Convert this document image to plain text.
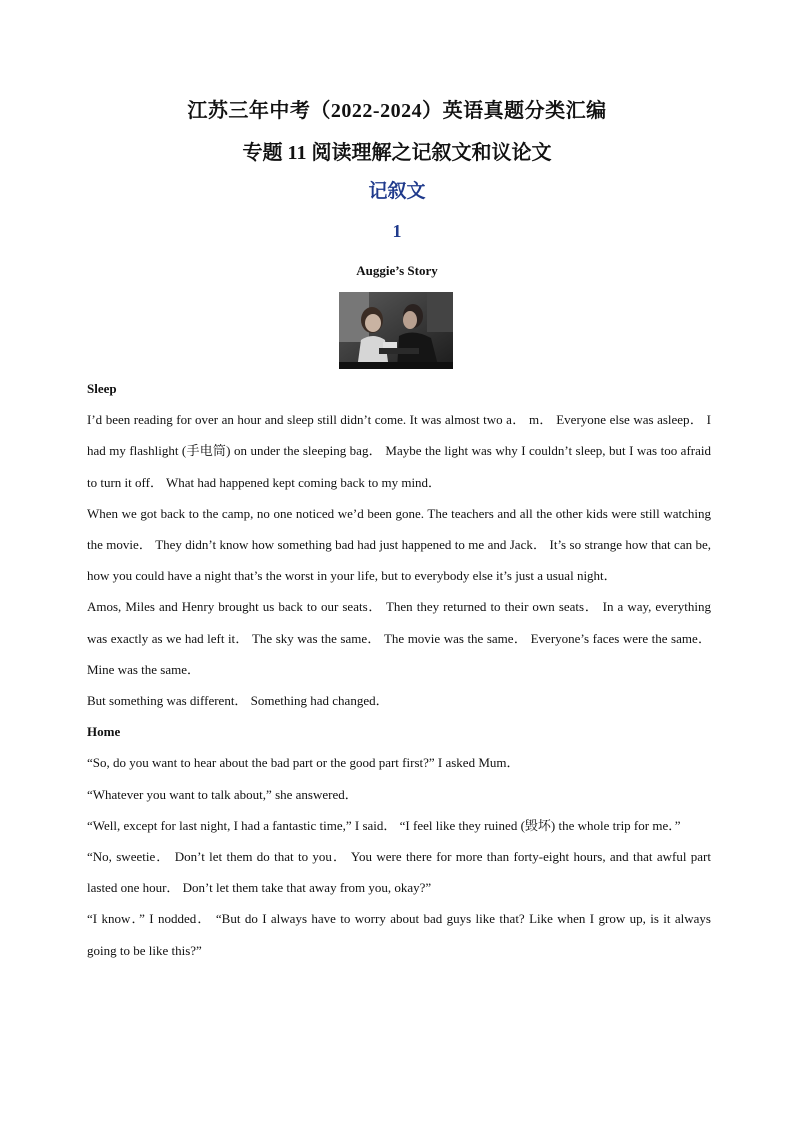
江苏三年中考（2022-2024）英语真题分类汇编
专题 11 阅读理解之记叙文和议论文
记叙文
1
Auggie’s Story

Sleep

I’d been reading for over an hour and sleep still didn’t come. It was almost two a． m． Everyone else was asleep． I had my flashlight (手电筒) on under the sleeping bag． Maybe the light was why I couldn’t sleep, but I was too afraid to turn it off． What had happened kept coming back to my mind．

When we got back to the camp, no one noticed we’d been gone. The teachers and all the other kids were still watching the movie． They didn’t know how something bad had just happened to me and Jack． It’s so strange how that can be, how you could have a night that’s the worst in your life, but to everybody else it’s just a usual night．

Amos, Miles and Henry brought us back to our seats． Then they returned to their own seats． In a way, everything was exactly as we had left it． The sky was the same． The movie was the same． Everyone’s faces were the same． Mine was the same．

But something was different． Something had changed．

Home

“So, do you want to hear about the bad part or the good part first?” I asked Mum．

“Whatever you want to talk about,” she answered．

“Well, except for last night, I had a fantastic time,” I said． “I feel like they ruined (毁坏) the whole trip for me．”

“No, sweetie． Don’t let them do that to you． You were there for more than forty-eight hours, and that awful part lasted one hour． Don’t let them take that away from you, okay?”

“I know．” I nodded． “But do I always have to worry about bad guys like that? Like when I grow up, is it always going to be like this?”
